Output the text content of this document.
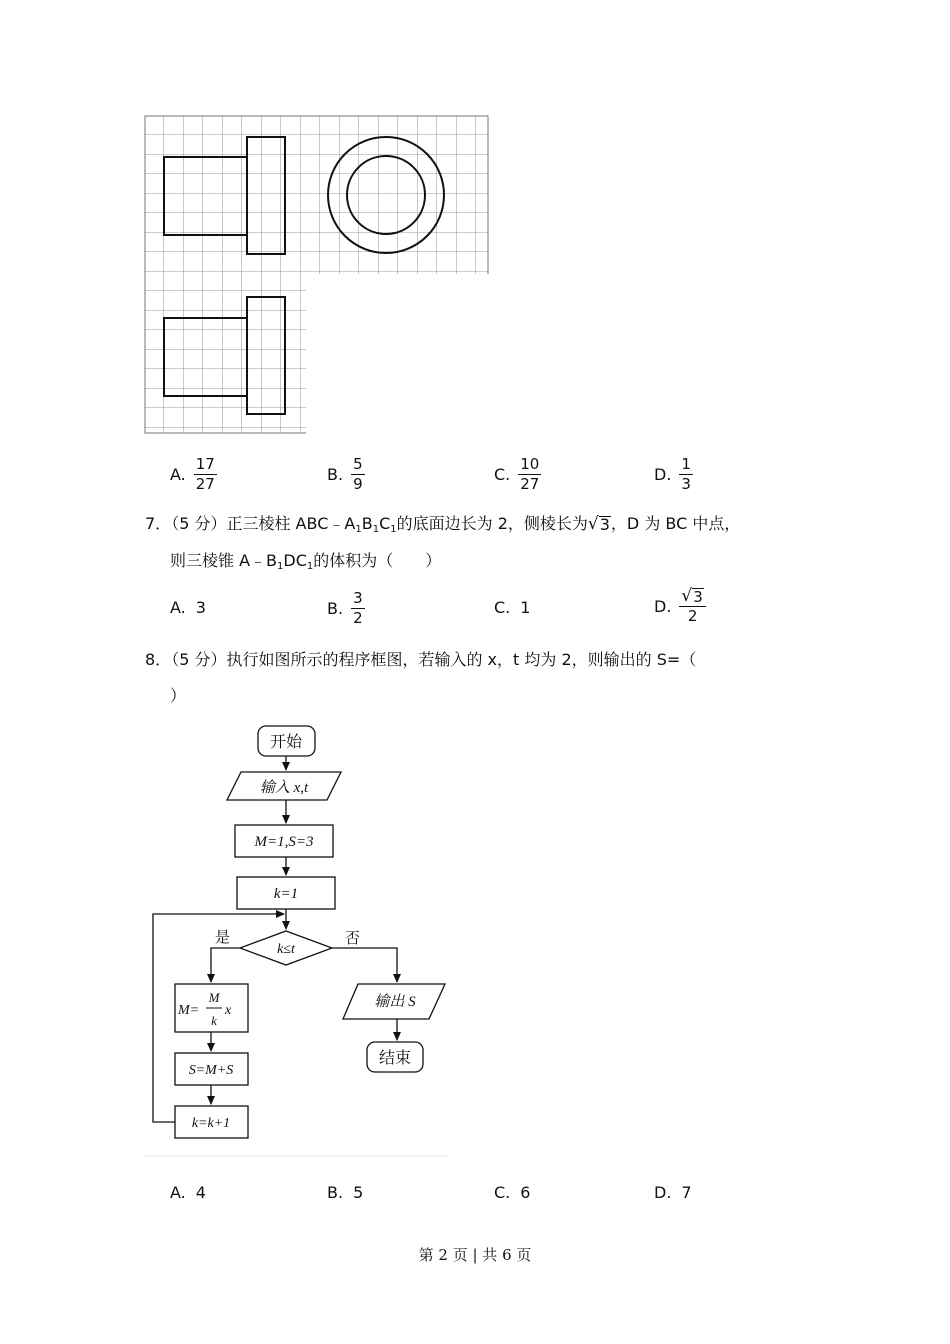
A. $\frac{17}{27}$	B. $\frac{5}{9}$	C. $\frac{10}{27}$	D. $\frac{1}{3}$
7．（5 分）正三棱柱 $ABC﹣A_1B_1C_1$的底面边长为 2，侧棱长为 √ 3 ，D 为 BC 中点，
则三棱锥 $A﹣B_1DC_1$的体积为（　　）
A. 3	B. $\frac{3}{2}$	C. 1	D. $\frac{√ 3}{2}$
8．（5 分）执行如图所示的程序框图，若输入的 x，t 均为 2，则输出的 S=（
）
开始
输入 x,t
M=1,S=3
k=1
k≤t
是	否
M=
M
k
x
S=M+S
k=k+1
输出 S
结束
A. 4	B. 5	C. 6	D. 7
第 2 页 | 共 6 页
